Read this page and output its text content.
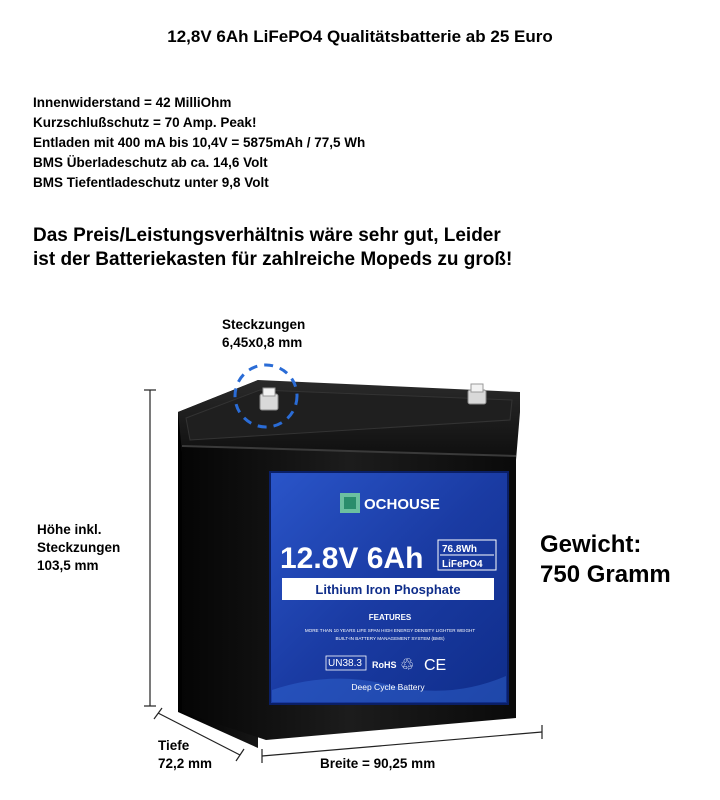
12,8V 6Ah LiFePO4 Qualitätsbatterie ab 25 Euro
Innenwiderstand = 42 MilliOhm
Kurzschlußschutz = 70 Amp. Peak!
Entladen mit 400 mA bis 10,4V = 5875mAh / 77,5 Wh
BMS Überladeschutz ab ca. 14,6 Volt
BMS Tiefentladeschutz unter 9,8 Volt
Das Preis/Leistungsverhältnis wäre sehr gut, Leider
ist der Batteriekasten für zahlreiche Mopeds zu groß!
OCHOUSE
12.8V 6Ah 76.8Wh
LiFePO4
Lithium Iron Phosphate
FEATURES
MORE THAN 10 YEARS LIFE SPAN HIGH ENERGY DENSITY LIGHTER WEIGHT
BUILT-IN BATTERY MANAGEMENT SYSTEM (BMS)
UN38.3 RoHS ♲ CE
Deep Cycle Battery
Steckzungen
6,45x0,8 mm
Höhe inkl.
Steckzungen
103,5 mm
Tiefe
72,2 mm	Breite = 90,25 mm
Gewicht:
750 Gramm
